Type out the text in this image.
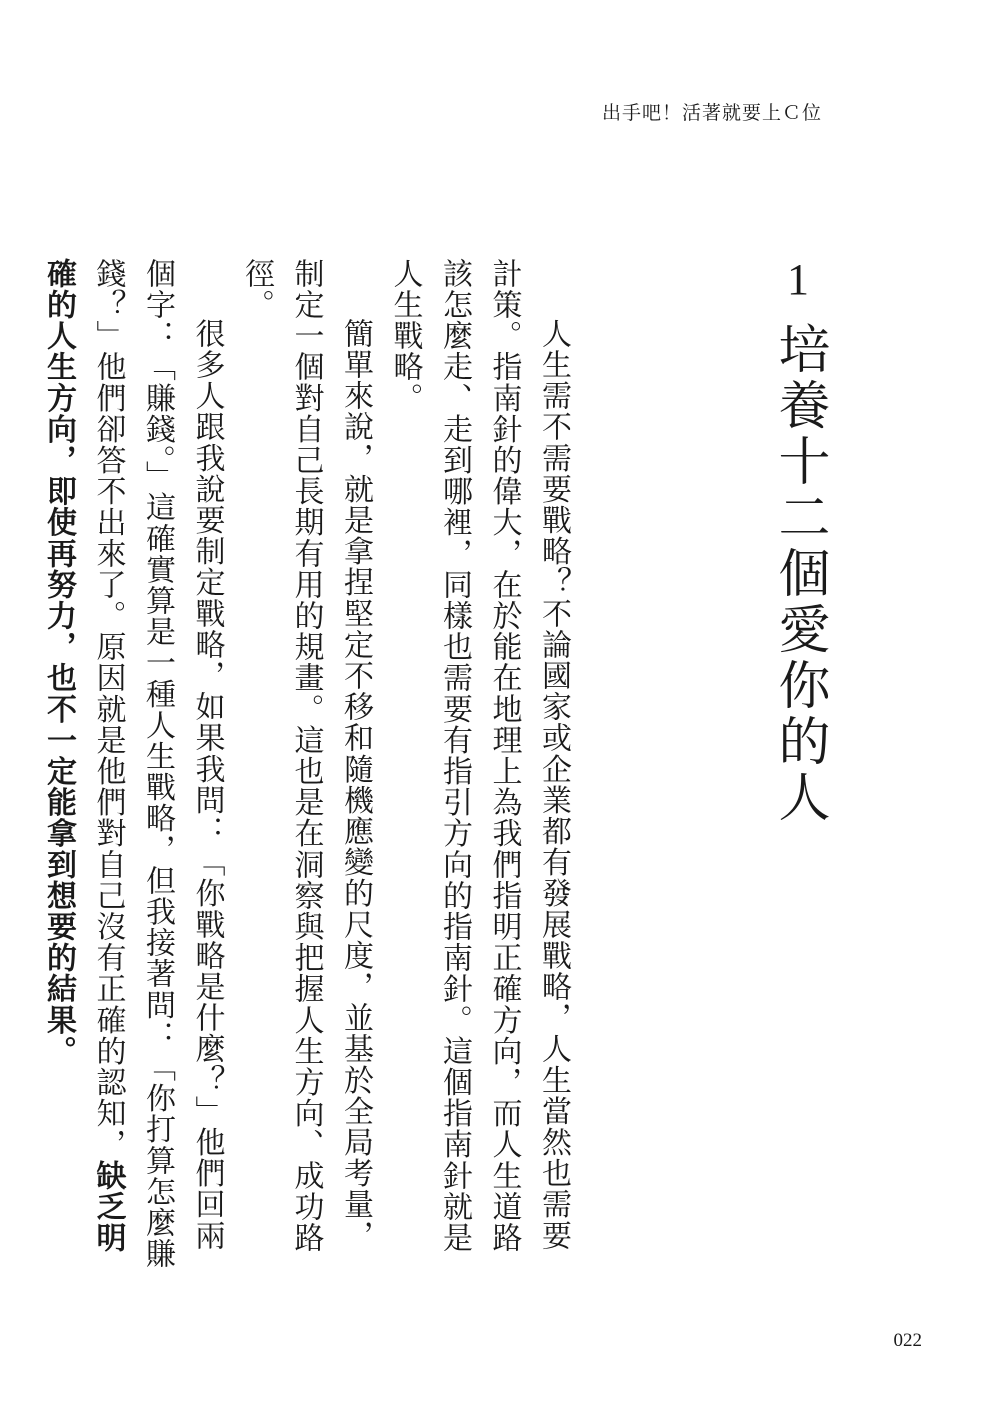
出手吧！活著就要上Ｃ位
1
培養十二個愛你的人

人生需不需要戰略？不論國家或企業都有發展戰略，人生當然也需要計策。指南針的偉大，在於能在地理上為我們指明正確方向，而人生道路該怎麼走、走到哪裡，同樣也需要有指引方向的指南針。這個指南針就是人生戰略。

簡單來說，就是拿捏堅定不移和隨機應變的尺度，並基於全局考量，制定一個對自己長期有用的規畫。這也是在洞察與把握人生方向、成功路徑。

很多人跟我說要制定戰略，如果我問：「你戰略是什麼？」他們回兩個字：「賺錢。」這確實算是一種人生戰略，但我接著問：「你打算怎麼賺錢？」他們卻答不出來了。原因就是他們對自己沒有正確的認知，缺乏明確的人生方向，即使再努力，也不一定能拿到想要的結果。

022
